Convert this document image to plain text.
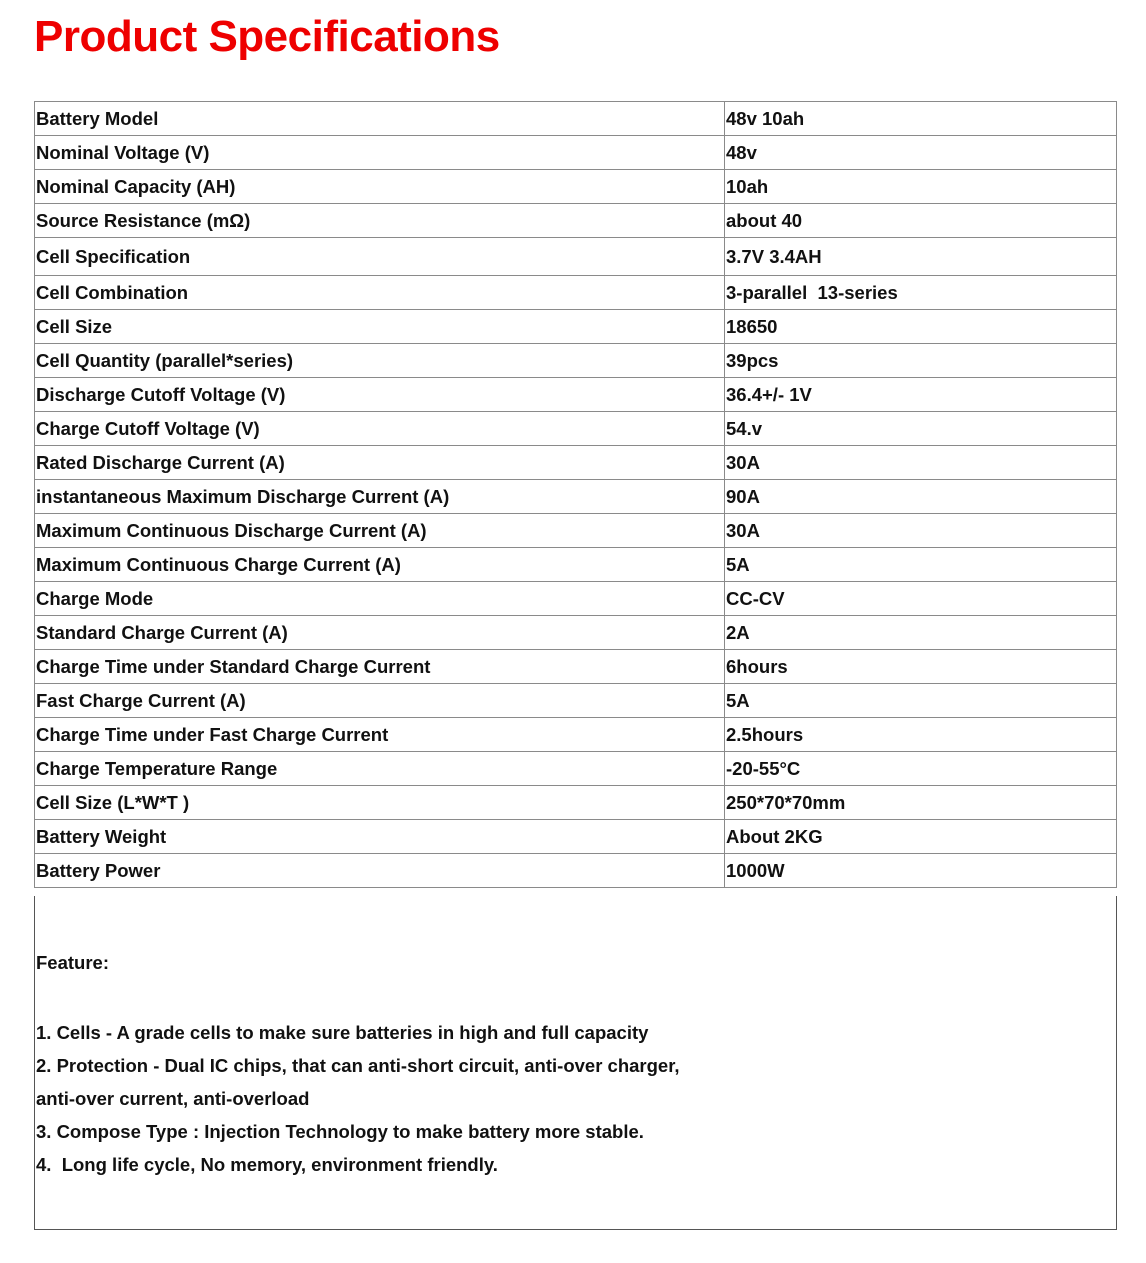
Product Specifications
Battery Model	48v 10ah
Nominal Voltage (V)	48v
Nominal Capacity (AH)	10ah
Source Resistance (mΩ)	about 40
Cell Specification	3.7V 3.4AH
Cell Combination	3-parallel  13-series
Cell Size	18650
Cell Quantity (parallel*series)	39pcs
Discharge Cutoff Voltage (V)	36.4+/- 1V
Charge Cutoff Voltage (V)	54.v
Rated Discharge Current (A)	30A
instantaneous Maximum Discharge Current (A)	90A
Maximum Continuous Discharge Current (A)	30A
Maximum Continuous Charge Current (A)	5A
Charge Mode	CC-CV
Standard Charge Current (A)	2A
Charge Time under Standard Charge Current	6hours
Fast Charge Current (A)	5A
Charge Time under Fast Charge Current	2.5hours
Charge Temperature Range	-20-55°C
Cell Size (L*W*T )	250*70*70mm
Battery Weight	About 2KG
Battery Power	1000W
Feature:
1. Cells - A grade cells to make sure batteries in high and full capacity
2. Protection - Dual IC chips, that can anti-short circuit, anti-over charger,
anti-over current, anti-overload
3. Compose Type : Injection Technology to make battery more stable.
4.  Long life cycle, No memory, environment friendly.
